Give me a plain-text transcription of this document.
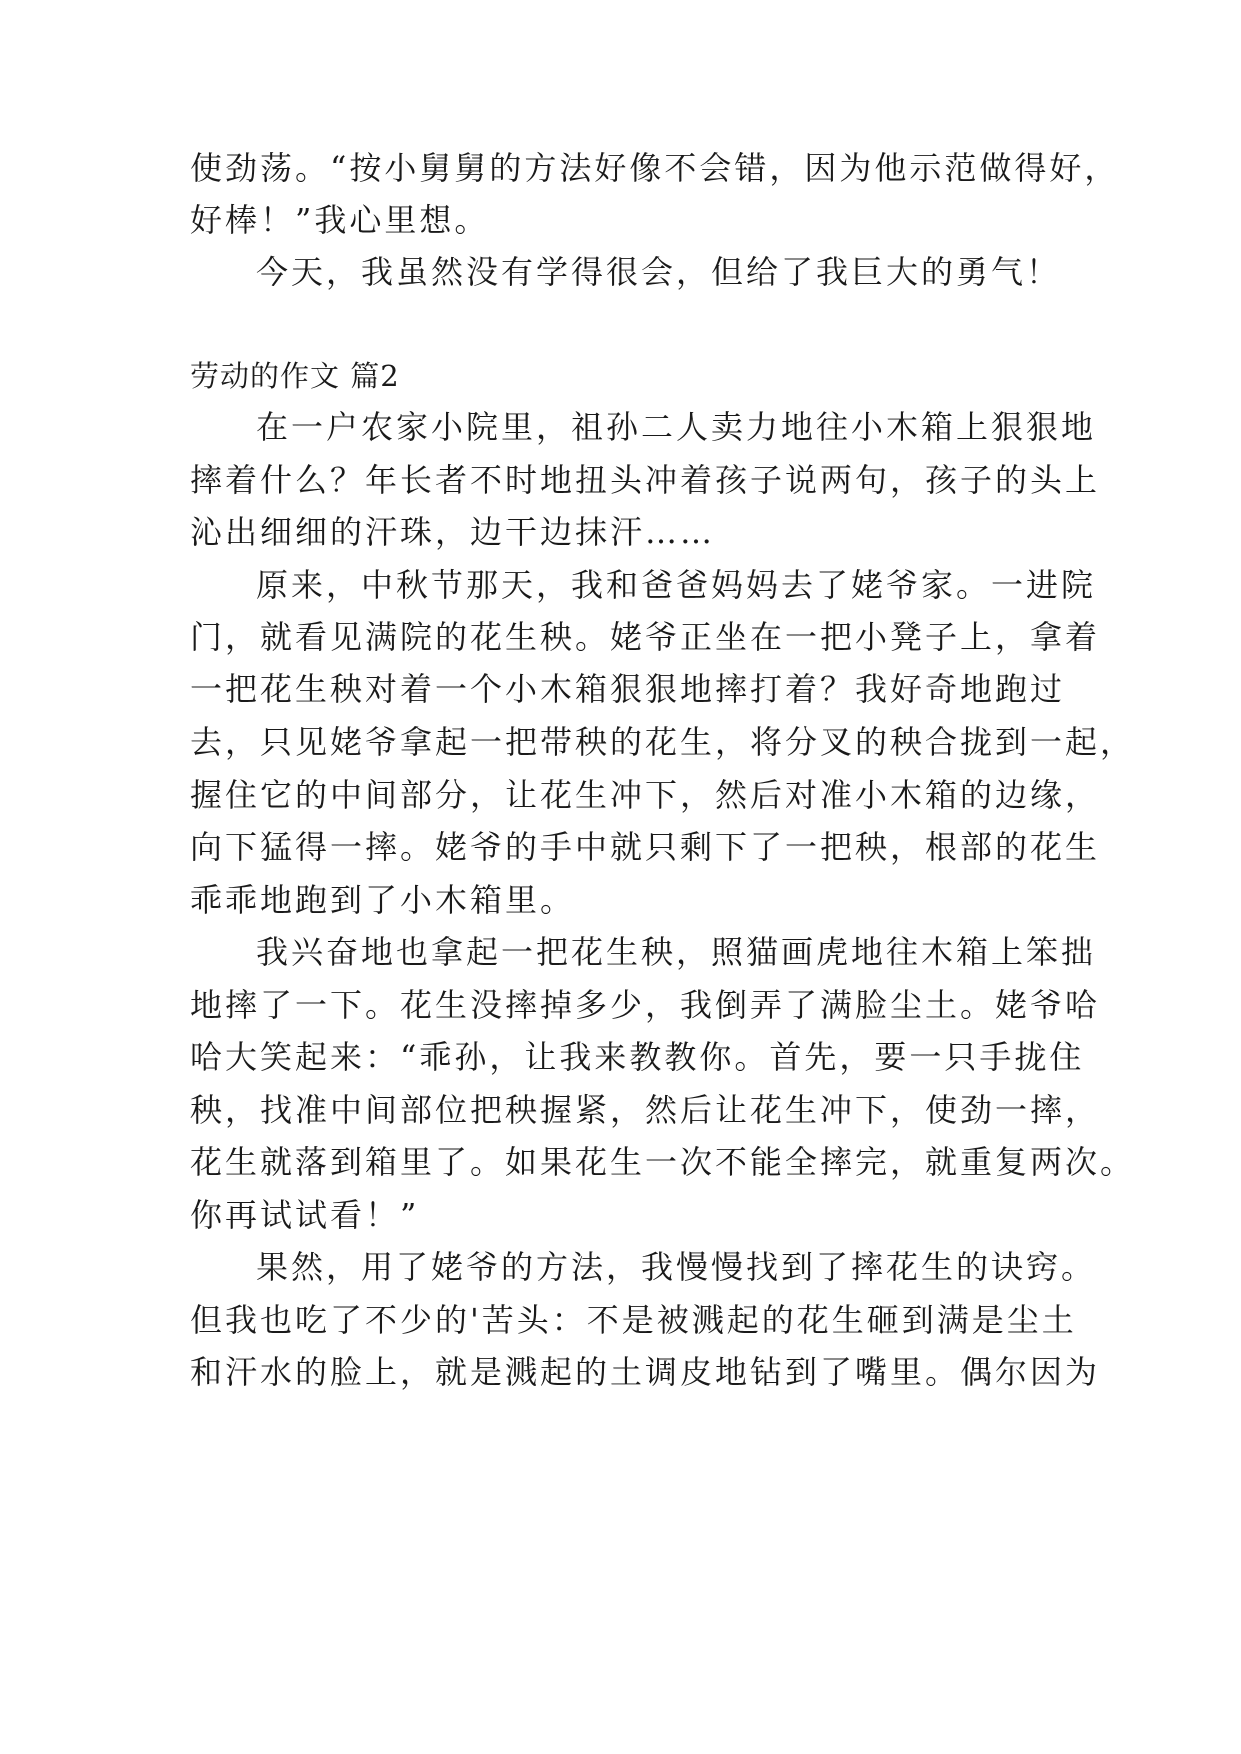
使劲荡。“按小舅舅的方法好像不会错，因为他示范做得好，
好棒！”我心里想。
今天，我虽然没有学得很会，但给了我巨大的勇气！
劳动的作文 篇2
在一户农家小院里，祖孙二人卖力地往小木箱上狠狠地
摔着什么？年长者不时地扭头冲着孩子说两句，孩子的头上
沁出细细的汗珠，边干边抹汗……
原来，中秋节那天，我和爸爸妈妈去了姥爷家。一进院
门，就看见满院的花生秧。姥爷正坐在一把小凳子上，拿着
一把花生秧对着一个小木箱狠狠地摔打着？我好奇地跑过
去，只见姥爷拿起一把带秧的花生，将分叉的秧合拢到一起，
握住它的中间部分，让花生冲下，然后对准小木箱的边缘，
向下猛得一摔。姥爷的手中就只剩下了一把秧，根部的花生
乖乖地跑到了小木箱里。
我兴奋地也拿起一把花生秧，照猫画虎地往木箱上笨拙
地摔了一下。花生没摔掉多少，我倒弄了满脸尘土。姥爷哈
哈大笑起来：“乖孙，让我来教教你。首先，要一只手拢住
秧，找准中间部位把秧握紧，然后让花生冲下，使劲一摔，
花生就落到箱里了。如果花生一次不能全摔完，就重复两次。
你再试试看！”
果然，用了姥爷的方法，我慢慢找到了摔花生的诀窍。
但我也吃了不少的'苦头：不是被溅起的花生砸到满是尘土
和汗水的脸上，就是溅起的土调皮地钻到了嘴里。偶尔因为
